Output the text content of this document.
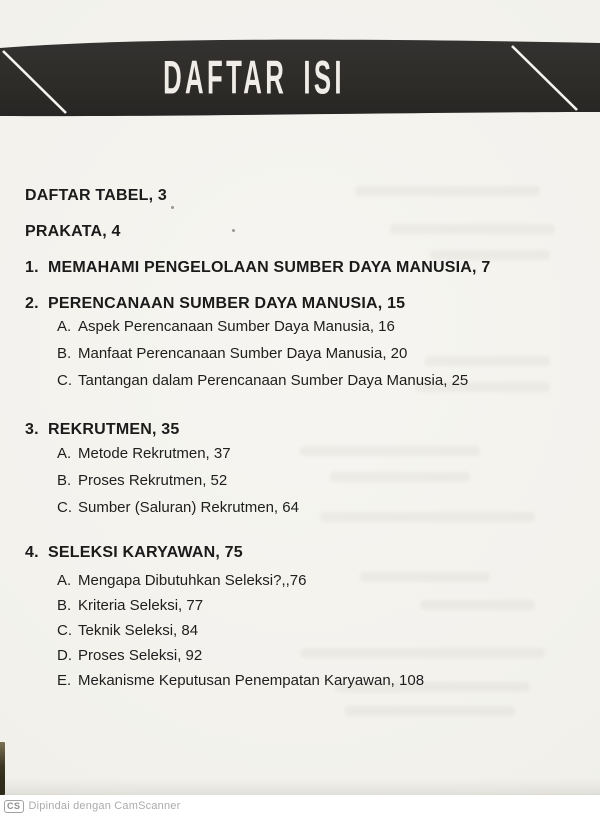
DAFTAR ISI
DAFTAR TABEL, 3
PRAKATA, 4
1. MEMAHAMI PENGELOLAAN SUMBER DAYA MANUSIA, 7
2. PERENCANAAN SUMBER DAYA MANUSIA, 15
A. Aspek Perencanaan Sumber Daya Manusia, 16
B. Manfaat Perencanaan Sumber Daya Manusia, 20
C. Tantangan dalam Perencanaan Sumber Daya Manusia, 25
3. REKRUTMEN, 35
A. Metode Rekrutmen, 37
B. Proses Rekrutmen, 52
C. Sumber (Saluran) Rekrutmen, 64
4. SELEKSI KARYAWAN, 75
A. Mengapa Dibutuhkan Seleksi?,,76
B. Kriteria Seleksi, 77
C. Teknik Seleksi, 84
D. Proses Seleksi, 92
E. Mekanisme Keputusan Penempatan Karyawan, 108
CS Dipindai dengan CamScanner
